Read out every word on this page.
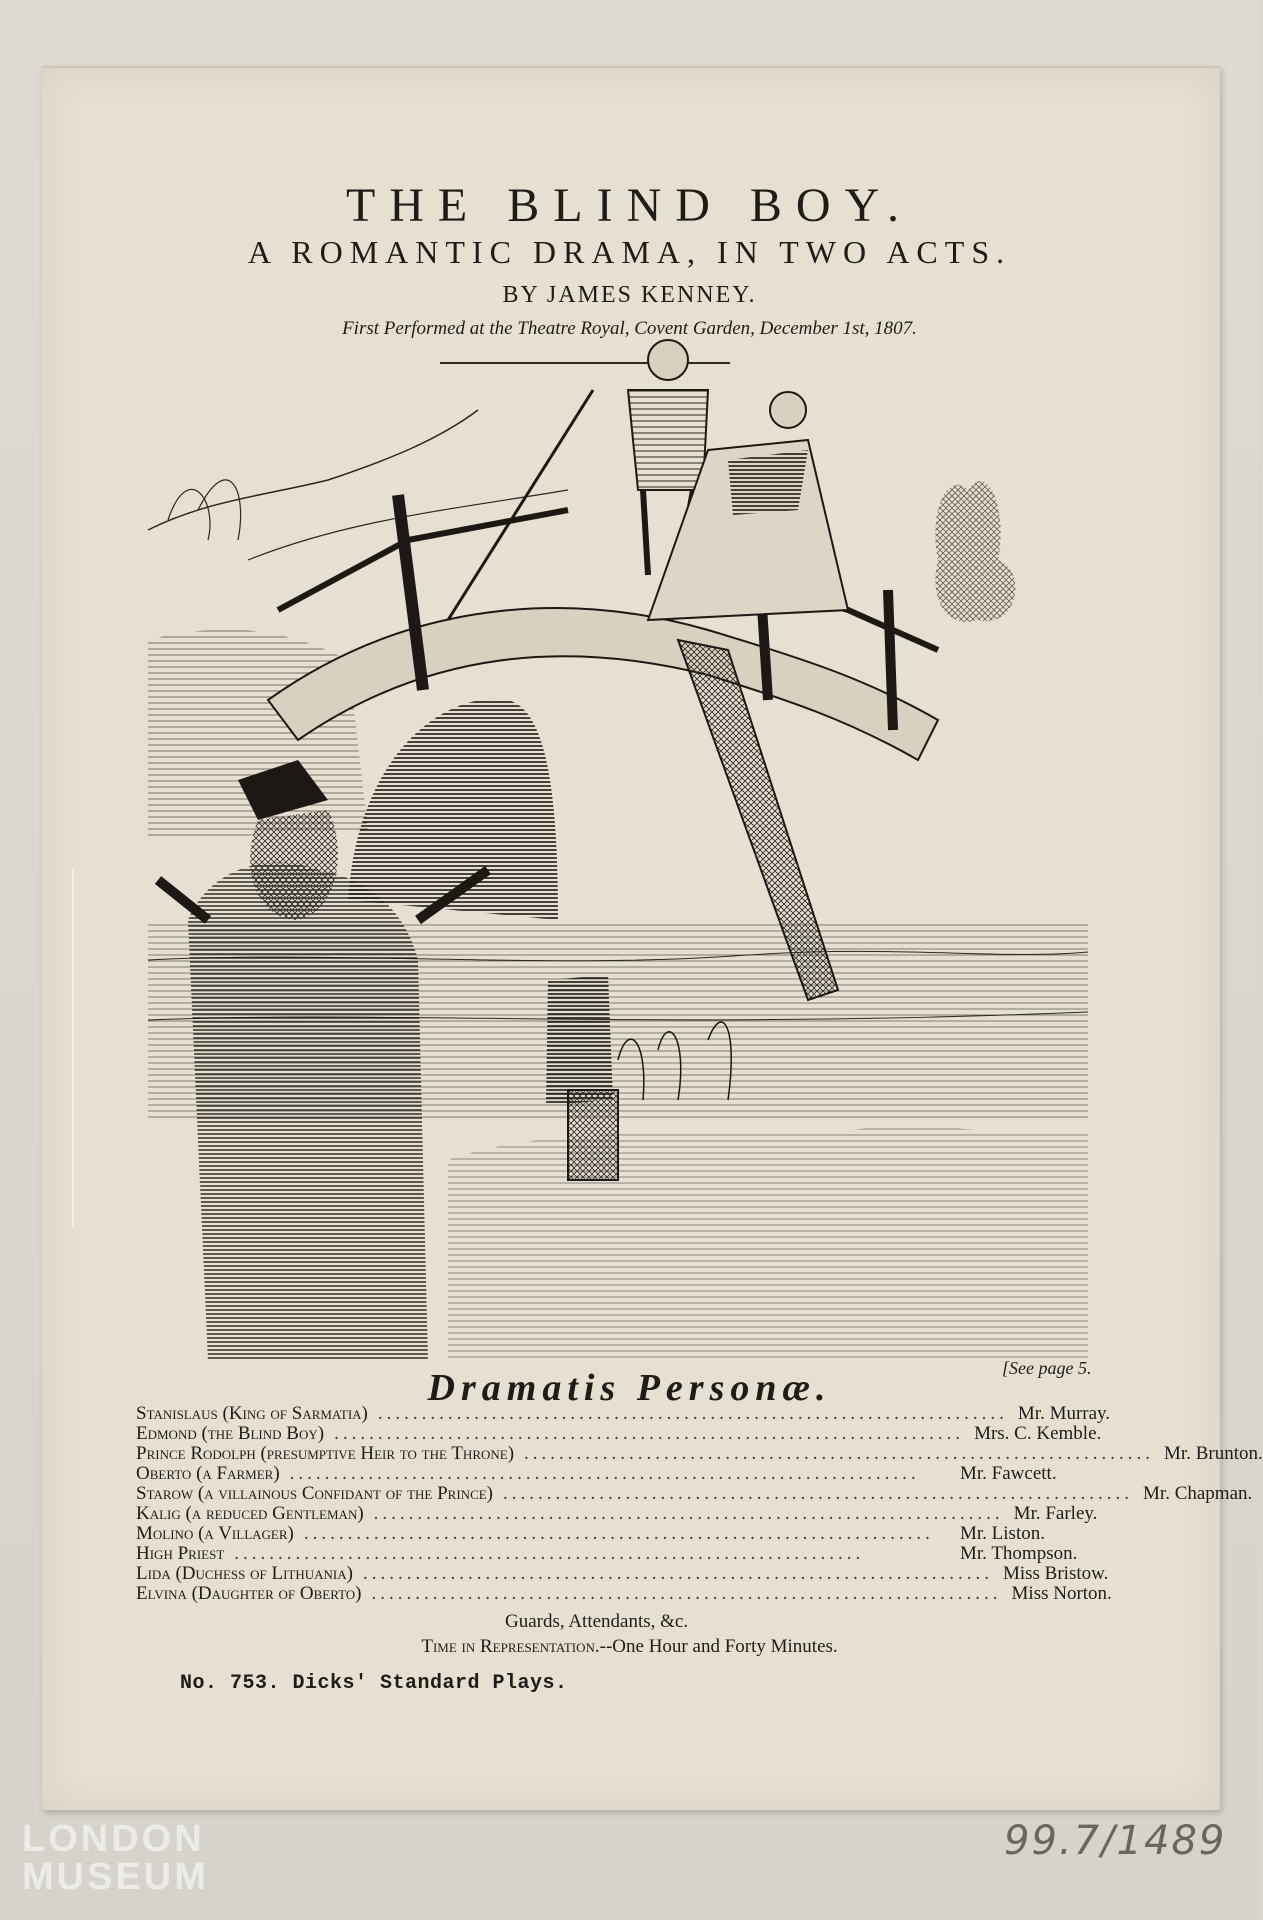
THE BLIND BOY.
A ROMANTIC DRAMA, IN TWO ACTS.
BY JAMES KENNEY.
First Performed at the Theatre Royal, Covent Garden, December 1st, 1807.
[See page 5.
Dramatis Personæ.
Stanislaus (King of Sarmatia) ........................................................................ Mr. Murray.
Edmond (the Blind Boy) ........................................................................ Mrs. C. Kemble.
Prince Rodolph (presumptive Heir to the Throne) ........................................................................ Mr. Brunton.
Oberto (a Farmer) ........................................................................	Mr. Fawcett.
Starow (a villainous Confidant of the Prince) ........................................................................ Mr. Chapman.
Kalig (a reduced Gentleman) ........................................................................ Mr. Farley.
Molino (a Villager) ........................................................................	Mr. Liston.
High Priest ........................................................................	Mr. Thompson.
Lida (Duchess of Lithuania) ........................................................................ Miss Bristow.
Elvina (Daughter of Oberto) ........................................................................ Miss Norton.
Guards, Attendants, &c.
Time in Representation.--One Hour and Forty Minutes.
No. 753. Dicks' Standard Plays.
LONDON
MUSEUM
99.7/1489
